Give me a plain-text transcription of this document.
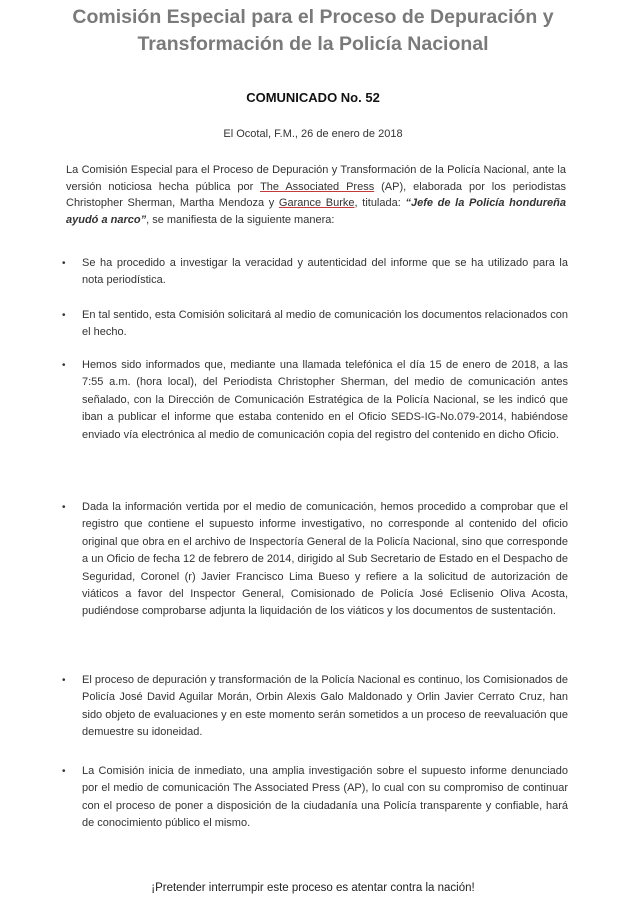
Comisión Especial para el Proceso de Depuración y
Transformación de la Policía Nacional
COMUNICADO No. 52
El Ocotal, F.M., 26 de enero de 2018
La Comisión Especial para el Proceso de Depuración y Transformación de la Policía Nacional, ante la versión noticiosa hecha pública por The Associated Press (AP), elaborada por los periodistas Christopher Sherman, Martha Mendoza y Garance Burke, titulada: “Jefe de la Policía hondureña ayudó a narco”, se manifiesta de la siguiente manera:
•	Se ha procedido a investigar la veracidad y autenticidad del informe que se ha utilizado para la nota periodística.
•	En tal sentido, esta Comisión solicitará al medio de comunicación los documentos relacionados con el hecho.
•	Hemos sido informados que, mediante una llamada telefónica el día 15 de enero de 2018, a las 7:55 a.m. (hora local), del Periodista Christopher Sherman, del medio de comunicación antes señalado, con la Dirección de Comunicación Estratégica de la Policía Nacional, se les indicó que iban a publicar el informe que estaba contenido en el Oficio SEDS-IG-No.079-2014, habiéndose enviado vía electrónica al medio de comunicación copia del registro del contenido en dicho Oficio.
•	Dada la información vertida por el medio de comunicación, hemos procedido a comprobar que el registro que contiene el supuesto informe investigativo, no corresponde al contenido del oficio original que obra en el archivo de Inspectoría General de la Policía Nacional, sino que corresponde a un Oficio de fecha 12 de febrero de 2014, dirigido al Sub Secretario de Estado en el Despacho de Seguridad, Coronel (r) Javier Francisco Lima Bueso y refiere a la solicitud de autorización de viáticos a favor del Inspector General, Comisionado de Policía José Eclisenio Oliva Acosta, pudiéndose comprobarse adjunta la liquidación de los viáticos y los documentos de sustentación.
•	El proceso de depuración y transformación de la Policía Nacional es continuo, los Comisionados de Policía José David Aguilar Morán, Orbin Alexis Galo Maldonado y Orlin Javier Cerrato Cruz, han sido objeto de evaluaciones y en este momento serán sometidos a un proceso de reevaluación que demuestre su idoneidad.
•	La Comisión inicia de inmediato, una amplia investigación sobre el supuesto informe denunciado por el medio de comunicación The Associated Press (AP), lo cual con su compromiso de continuar con el proceso de poner a disposición de la ciudadanía una Policía transparente y confiable, hará de conocimiento público el mismo.
¡Pretender interrumpir este proceso es atentar contra la nación!
